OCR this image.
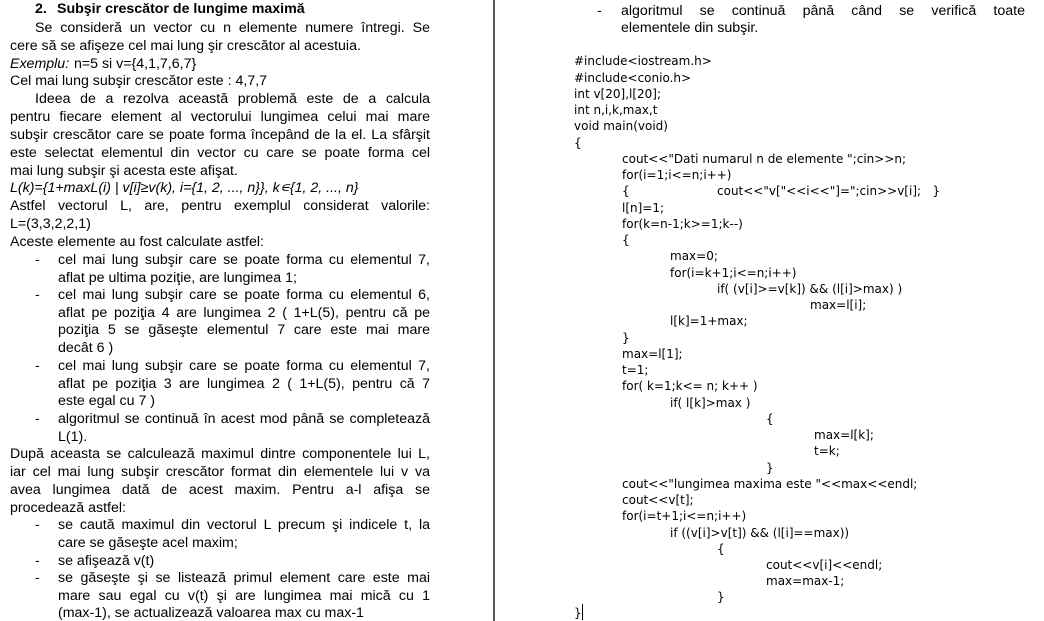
2. Subşir crescător de lungime maximă
Se consideră un vector cu n elemente numere întregi. Se
cere să se afişeze cel mai lung şir crescător al acestuia.
Exemplu: n=5 si v={4,1,7,6,7}
Cel mai lung subşir crescător este : 4,7,7
Ideea de a rezolva această problemă este de a calcula
pentru fiecare element al vectorului lungimea celui mai mare
subşir crescător care se poate forma începând de la el. La sfârşit
este selectat elementul din vector cu care se poate forma cel
mai lung subşir şi acesta este afişat.
L(k)={1+maxL(i) | v[i]≥v(k), i={1, 2, ..., n}}, k∊{1, 2, ..., n}
Astfel vectorul L, are, pentru exemplul considerat valorile:
L=(3,3,2,2,1)
Aceste elemente au fost calculate astfel:
- cel mai lung subşir care se poate forma cu elementul 7,
aflat pe ultima poziţie, are lungimea 1;
- cel mai lung subşir care se poate forma cu elementul 6,
aflat pe poziţia 4 are lungimea 2 ( 1+L(5), pentru că pe
poziţia 5 se găseşte elementul 7 care este mai mare
decât 6 )
- cel mai lung subşir care se poate forma cu elementul 7,
aflat pe poziţia 3 are lungimea 2 ( 1+L(5), pentru că 7
este egal cu 7 )
- algoritmul se continuă în acest mod până se completează
L(1).
După aceasta se calculează maximul dintre componentele lui L,
iar cel mai lung subşir crescător format din elementele lui v va
avea lungimea dată de acest maxim. Pentru a-l afişa se
procedează astfel:
- se caută maximul din vectorul L precum şi indicele t, la
care se găseşte acel maxim;
- se afişează v(t)
- se găseşte şi se listează primul element care este mai
mare sau egal cu v(t) şi are lungimea mai mică cu 1
(max-1), se actualizează valoarea max cu max-1
- algoritmul se continuă până când se verifică toate
elementele din subşir.
#include<iostream.h>
#include<conio.h>
int v[20],l[20];
int n,i,k,max,t
void main(void)
{
cout<<"Dati numarul n de elemente ";cin>>n;
for(i=1;i<=n;i++)
{	cout<<"v["<<i<<"]=";cin>>v[i];   }
l[n]=1;
for(k=n-1;k>=1;k--)
{
max=0;
for(i=k+1;i<=n;i++)
if( (v[i]>=v[k]) && (l[i]>max) )
max=l[i];
l[k]=1+max;
}
max=l[1];
t=1;
for( k=1;k<= n; k++ )
if( l[k]>max )
{
max=l[k];
t=k;
}
cout<<"lungimea maxima este "<<max<<endl;
cout<<v[t];
for(i=t+1;i<=n;i++)
if ((v[i]>v[t]) && (l[i]==max))
{
cout<<v[i]<<endl;
max=max-1;
}
}
